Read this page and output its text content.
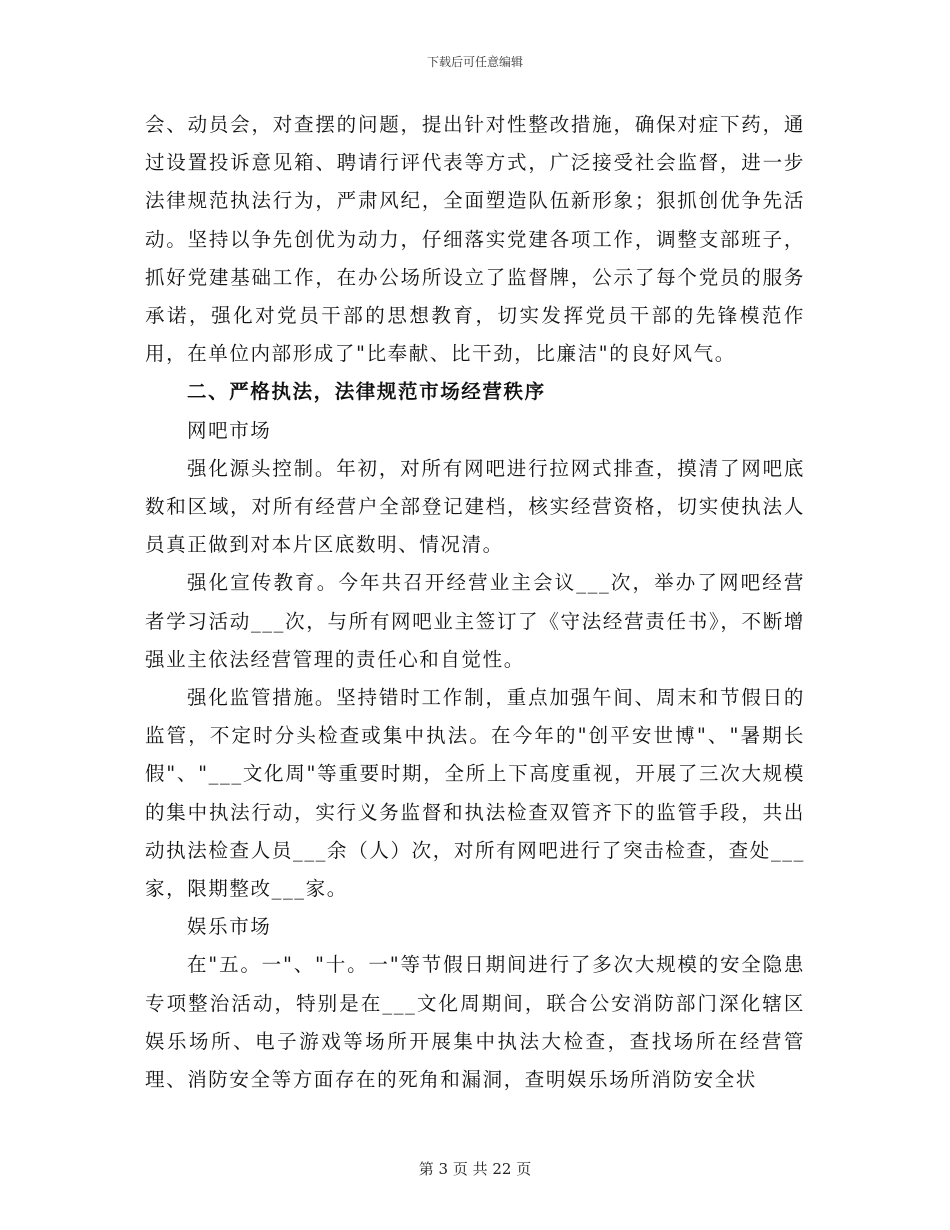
下载后可任意编辑

会、动员会，对查摆的问题，提出针对性整改措施，确保对症下药，通过设置投诉意见箱、聘请行评代表等方式，广泛接受社会监督，进一步法律规范执法行为，严肃风纪，全面塑造队伍新形象；狠抓创优争先活动。坚持以争先创优为动力，仔细落实党建各项工作，调整支部班子，抓好党建基础工作，在办公场所设立了监督牌，公示了每个党员的服务承诺，强化对党员干部的思想教育，切实发挥党员干部的先锋模范作用，在单位内部形成了"比奉献、比干劲，比廉洁"的良好风气。

二、严格执法，法律规范市场经营秩序

网吧市场

强化源头控制。年初，对所有网吧进行拉网式排查，摸清了网吧底数和区域，对所有经营户全部登记建档，核实经营资格，切实使执法人员真正做到对本片区底数明、情况清。

强化宣传教育。今年共召开经营业主会议___次，举办了网吧经营者学习活动___次，与所有网吧业主签订了《守法经营责任书》，不断增强业主依法经营管理的责任心和自觉性。

强化监管措施。坚持错时工作制，重点加强午间、周末和节假日的监管，不定时分头检查或集中执法。在今年的"创平安世博"、"暑期长假"、"___文化周"等重要时期，全所上下高度重视，开展了三次大规模的集中执法行动，实行义务监督和执法检查双管齐下的监管手段，共出动执法检查人员___余（人）次，对所有网吧进行了突击检查，查处___家，限期整改___家。

娱乐市场

在"五。一"、"十。一"等节假日期间进行了多次大规模的安全隐患专项整治活动，特别是在___文化周期间，联合公安消防部门深化辖区娱乐场所、电子游戏等场所开展集中执法大检查，查找场所在经营管理、消防安全等方面存在的死角和漏洞，查明娱乐场所消防安全状

第 3 页 共 22 页
